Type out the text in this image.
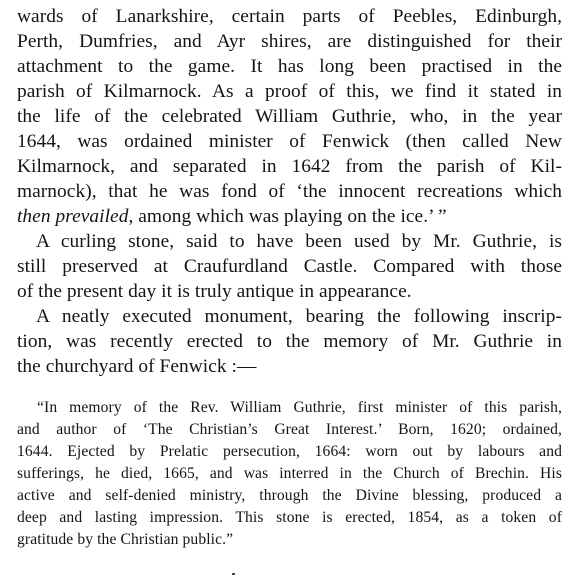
wards of Lanarkshire, certain parts of Peebles, Edinburgh,
Perth, Dumfries, and Ayr shires, are distinguished for their
attachment to the game. It has long been practised in the
parish of Kilmarnock. As a proof of this, we find it stated in
the life of the celebrated William Guthrie, who, in the year
1644, was ordained minister of Fenwick (then called New
Kilmarnock, and separated in 1642 from the parish of Kil-
marnock), that he was fond of ‘the innocent recreations which
then prevailed, among which was playing on the ice.’ ”
A curling stone, said to have been used by Mr. Guthrie, is
still preserved at Craufurdland Castle. Compared with those
of the present day it is truly antique in appearance.
A neatly executed monument, bearing the following inscrip-
tion, was recently erected to the memory of Mr. Guthrie in
the churchyard of Fenwick :—
“In memory of the Rev. William Guthrie, first minister of this parish,
and author of ‘The Christian’s Great Interest.’ Born, 1620; ordained,
1644. Ejected by Prelatic persecution, 1664: worn out by labours and
sufferings, he died, 1665, and was interred in the Church of Brechin. His
active and self-denied ministry, through the Divine blessing, produced a
deep and lasting impression. This stone is erected, 1854, as a token of
gratitude by the Christian public.”
